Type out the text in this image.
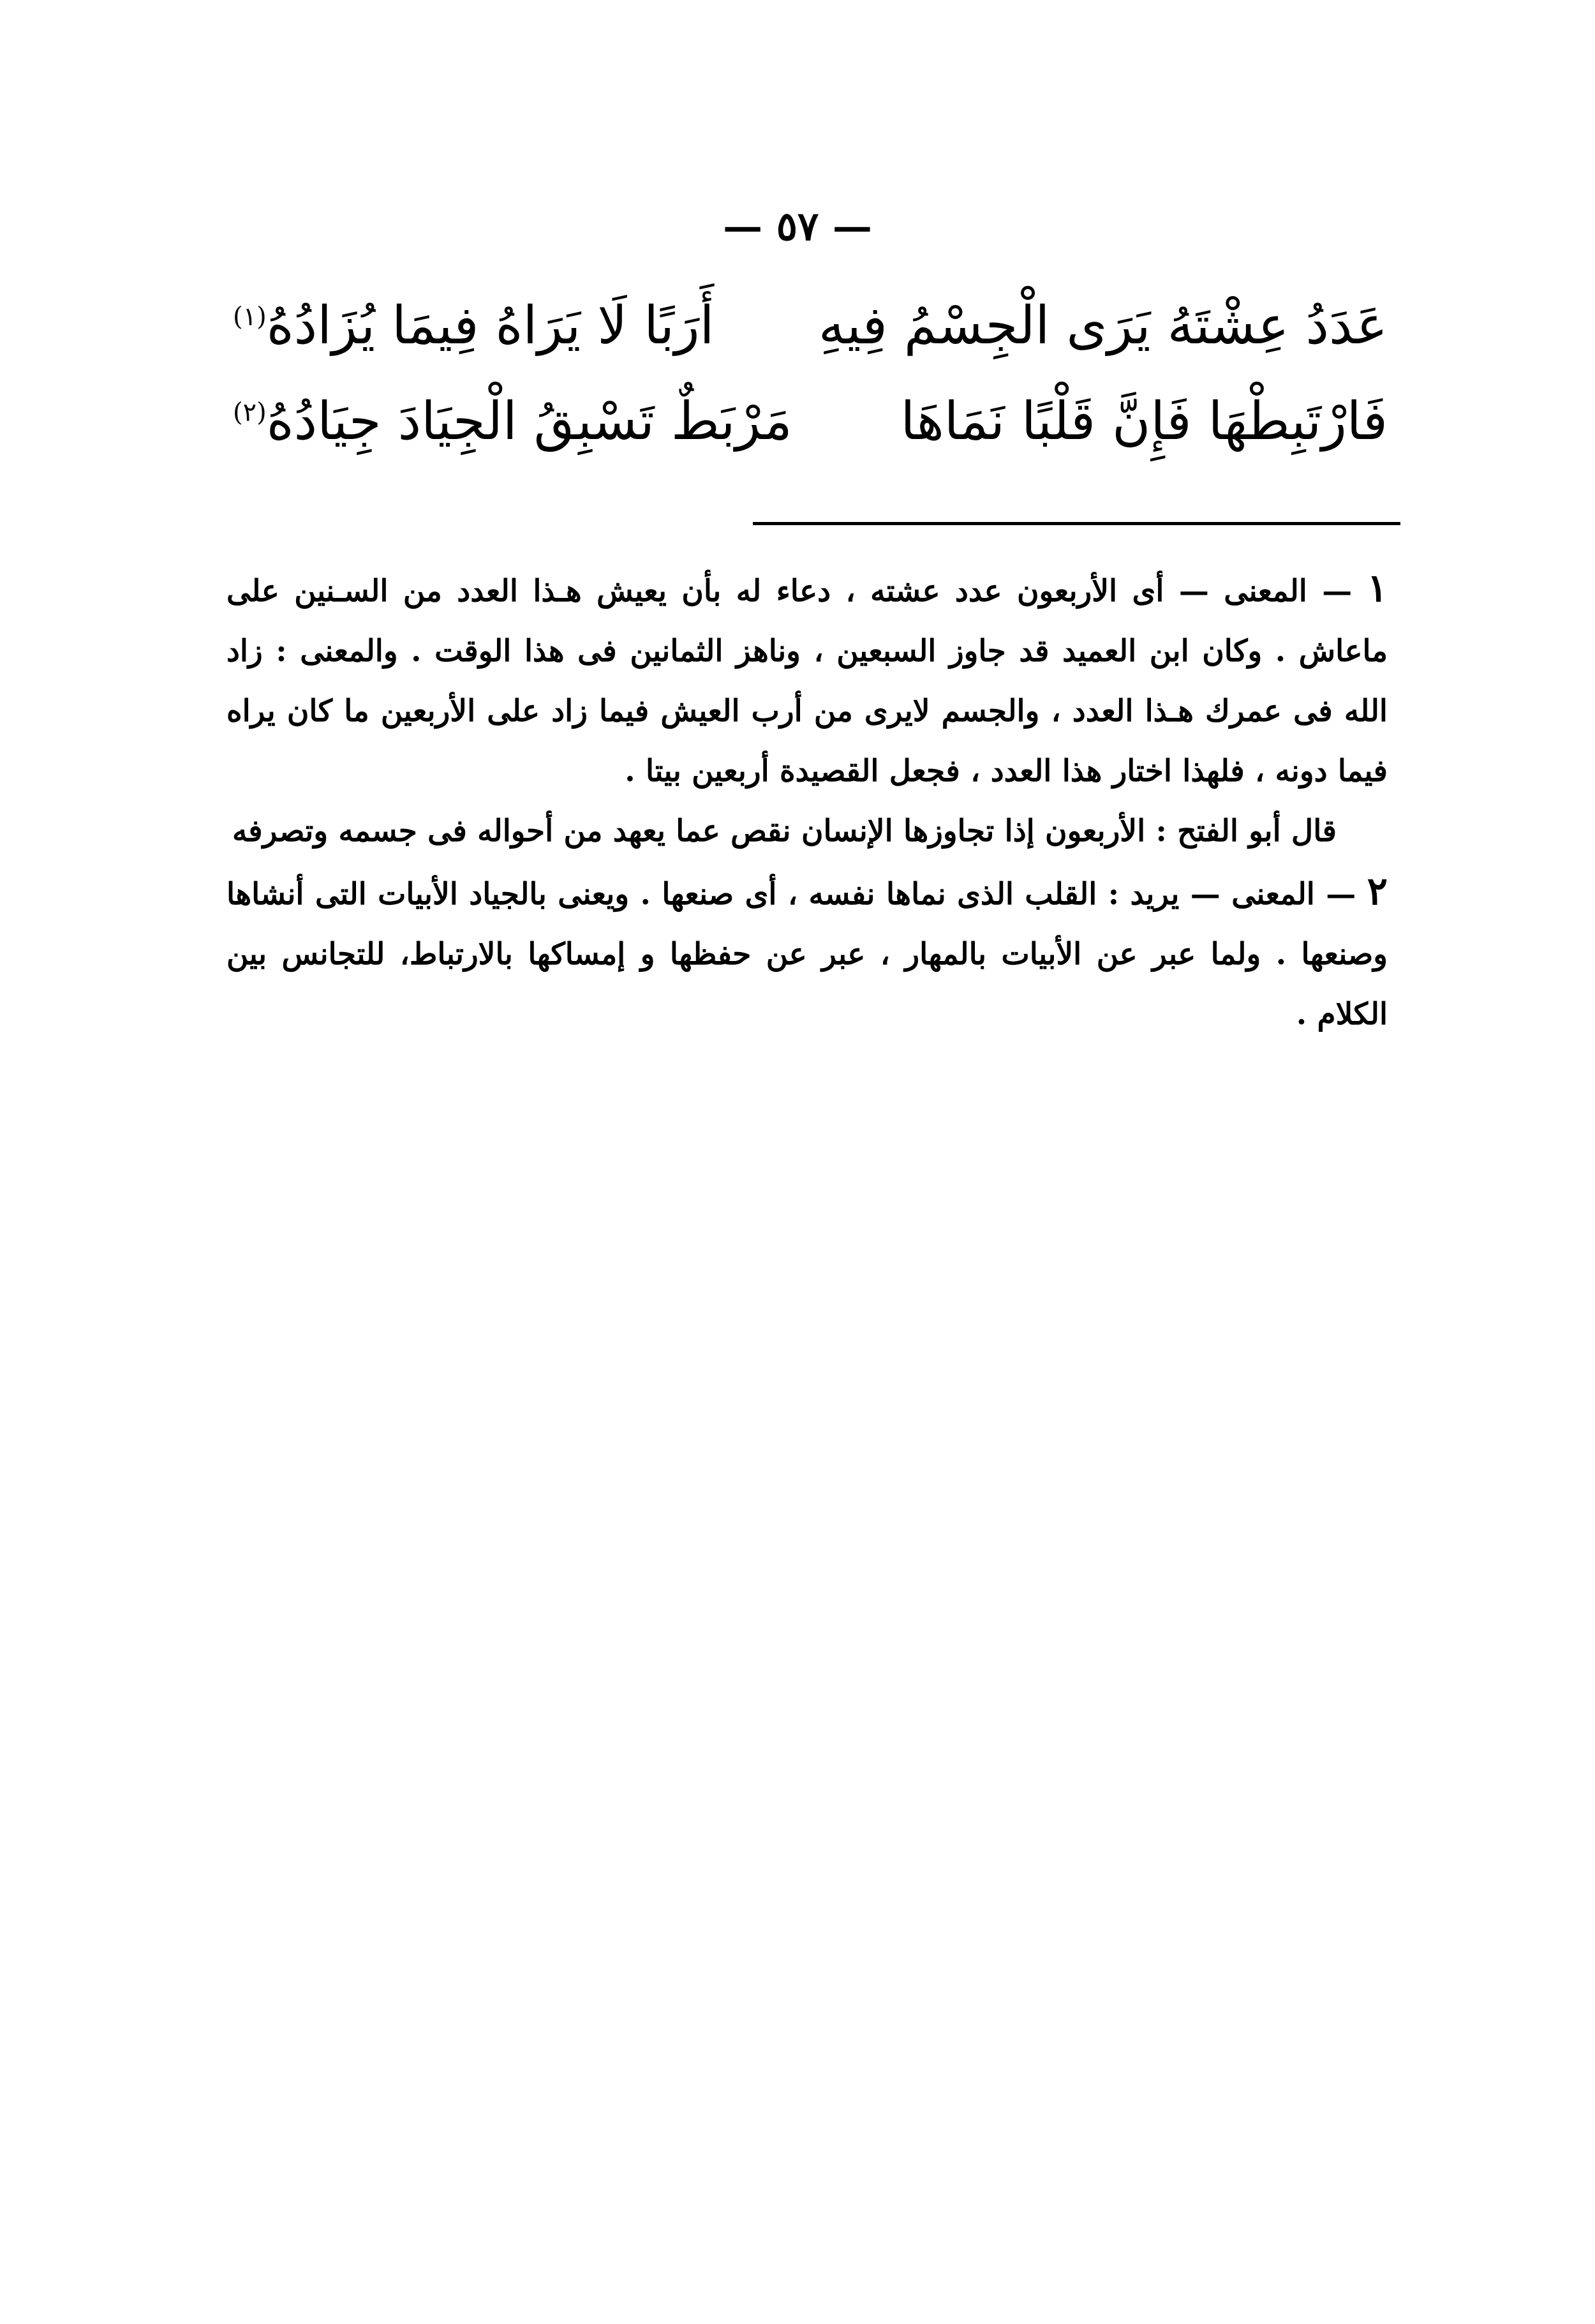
— ٥٧ —
عَدَدُ عِشْتَهُ يَرَى الْجِسْمُ فِيهِ
أَرَبًا لَا يَرَاهُ فِيمَا يُزَادُهُ$^{(١)}$
فَارْتَبِطْهَا فَإِنَّ قَلْبًا نَمَاهَا
مَرْبَطٌ تَسْبِقُ الْجِيَادَ جِيَادُهُ$^{(٢)}$

١ — المعنى — أى الأربعون عدد عشته ، دعاء له بأن يعيش هـذا العدد من السـنين على ماعاش . وكان ابن العميد قد جاوز السبعين ، وناهز الثمانين فى هذا الوقت . والمعنى : زاد الله فى عمرك هـذا العدد ، والجسم لايرى من أرب العيش فيما زاد على الأربعين ما كان يراه فيما دونه ، فلهذا اختار هذا العدد ، فجعل القصيدة أربعين بيتا .

قال أبو الفتح : الأربعون إذا تجاوزها الإنسان نقص عما يعهد من أحواله فى جسمه وتصرفه

٢ — المعنى — يريد : القلب الذى نماها نفسه ، أى صنعها . ويعنى بالجياد الأبيات التى أنشاها وصنعها . ولما عبر عن الأبيات بالمهار ، عبر عن حفظها و إمساكها بالارتباط، للتجانس بين الكلام .
